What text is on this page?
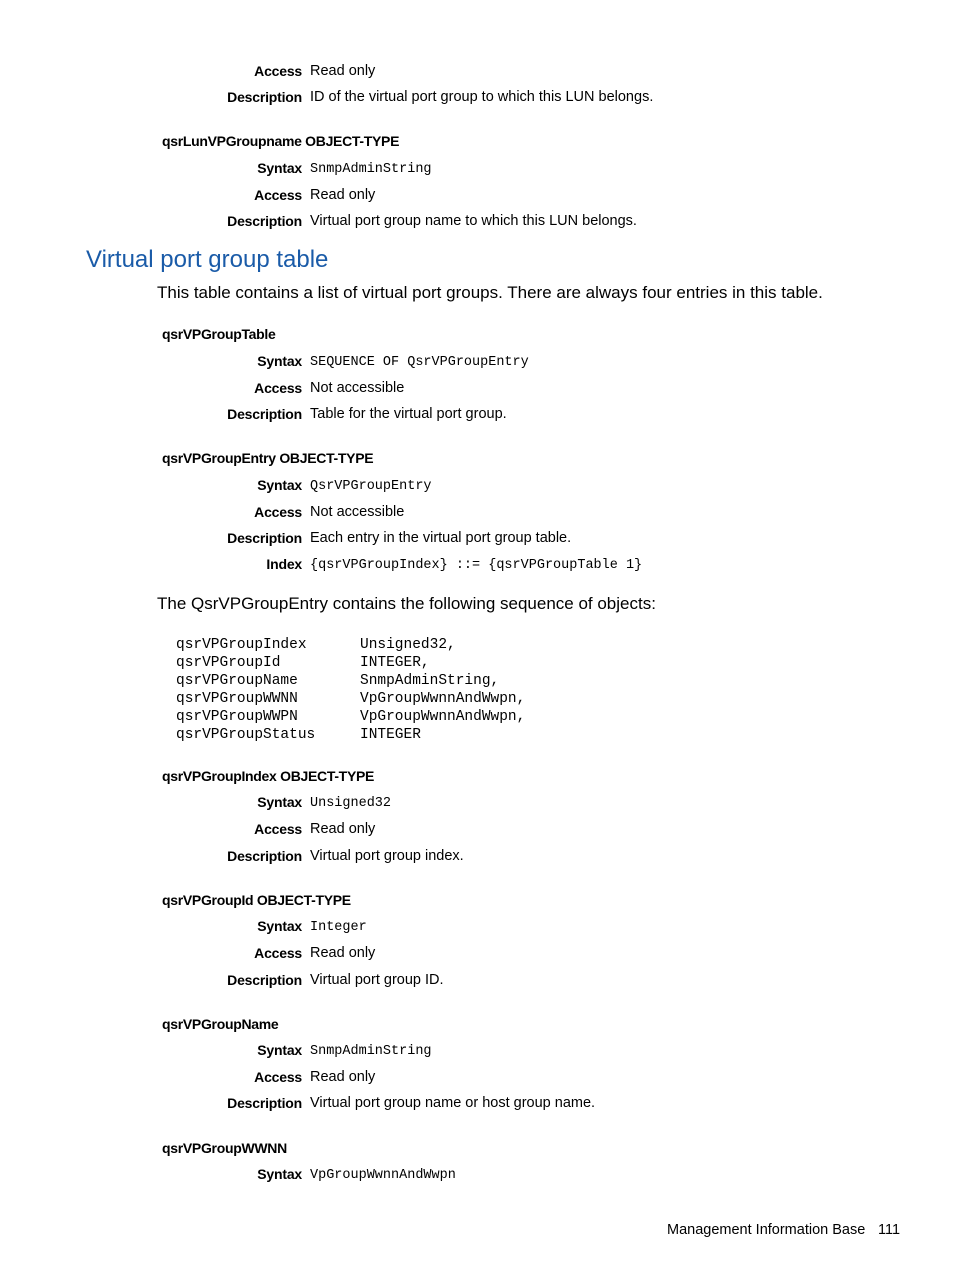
Access Read only
Description ID of the virtual port group to which this LUN belongs.
qsrLunVPGroupname OBJECT-TYPE
Syntax SnmpAdminString
Access Read only
Description Virtual port group name to which this LUN belongs.
Virtual port group table
This table contains a list of virtual port groups. There are always four entries in this table.
qsrVPGroupTable
Syntax SEQUENCE OF QsrVPGroupEntry
Access Not accessible
Description Table for the virtual port group.
qsrVPGroupEntry OBJECT-TYPE
Syntax QsrVPGroupEntry
Access Not accessible
Description Each entry in the virtual port group table.
Index {qsrVPGroupIndex} ::= {qsrVPGroupTable 1}
The QsrVPGroupEntry contains the following sequence of objects:
qsrVPGroupIndex	Unsigned32,
qsrVPGroupId	INTEGER,
qsrVPGroupName	SnmpAdminString,
qsrVPGroupWWNN	VpGroupWwnnAndWwpn,
qsrVPGroupWWPN	VpGroupWwnnAndWwpn,
qsrVPGroupStatus	INTEGER
qsrVPGroupIndex OBJECT-TYPE
Syntax Unsigned32
Access Read only
Description Virtual port group index.
qsrVPGroupId OBJECT-TYPE
Syntax Integer
Access Read only
Description Virtual port group ID.
qsrVPGroupName
Syntax SnmpAdminString
Access Read only
Description Virtual port group name or host group name.
qsrVPGroupWWNN
Syntax VpGroupWwnnAndWwpn
Management Information Base 111
